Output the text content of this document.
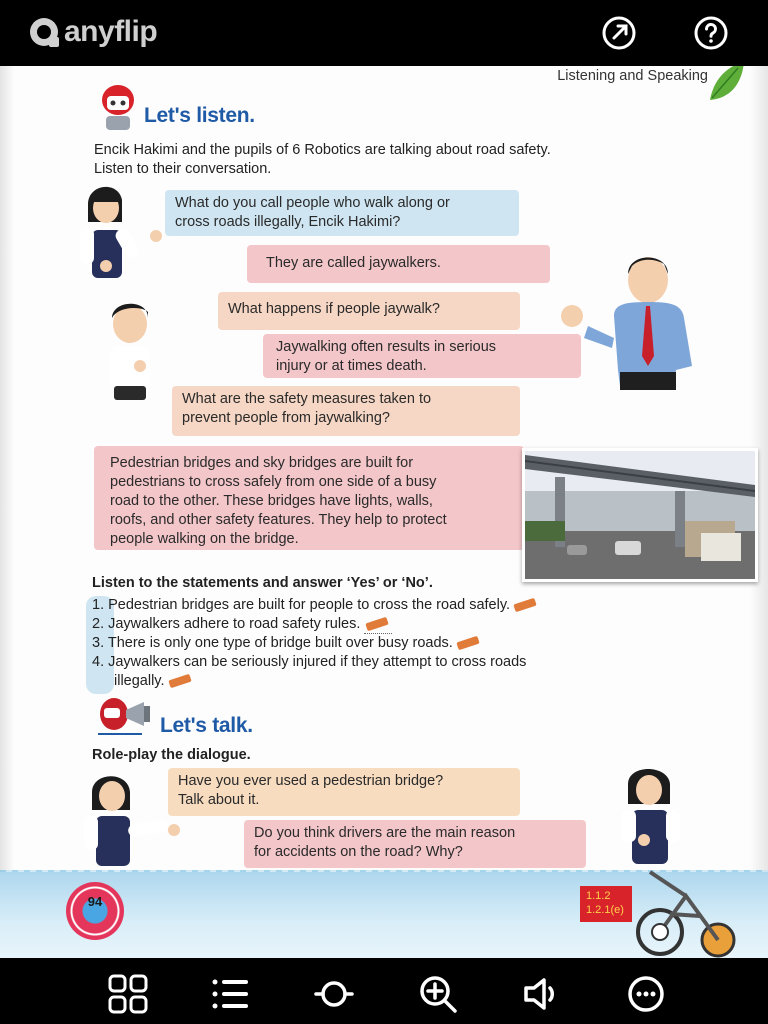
anyflip
Listening and Speaking
Let's listen.
Encik Hakimi and the pupils of 6 Robotics are talking about road safety.
Listen to their conversation.
What do you call people who walk along or
cross roads illegally, Encik Hakimi?
They are called jaywalkers.
What happens if people jaywalk?
Jaywalking often results in serious
injury or at times death.
What are the safety measures taken to
prevent people from jaywalking?
Pedestrian bridges and sky bridges are built for
pedestrians to cross safely from one side of a busy
road to the other. These bridges have lights, walls,
roofs, and other safety features. They help to protect
people walking on the bridge.
Listen to the statements and answer ‘Yes’ or ‘No’.
1. Pedestrian bridges are built for people to cross the road safely.
2. Jaywalkers adhere to road safety rules.
3. There is only one type of bridge built over busy roads.
4. Jaywalkers can be seriously injured if they attempt to cross roads
illegally.
Let's talk.
Role-play the dialogue.
Have you ever used a pedestrian bridge?
Talk about it.
Do you think drivers are the main reason
for accidents on the road? Why?
94	1.1.2
1.2.1(e)
